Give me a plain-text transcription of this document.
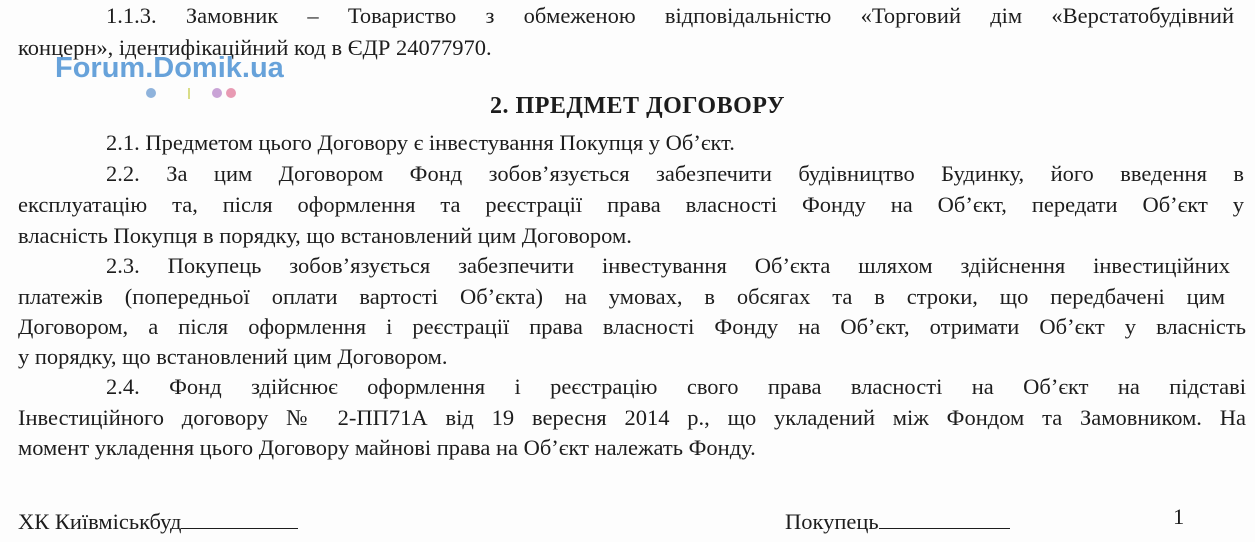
1.1.3. Замовник – Товариство з обмеженою відповідальністю «Торговий дім «Верстатобудівний
концерн», ідентифікаційний код в ЄДР 24077970.
Forum.Domik.ua
2. ПРЕДМЕТ ДОГОВОРУ
2.1. Предметом цього Договору є інвестування Покупця у Об’єкт.
2.2. За цим Договором Фонд зобов’язується забезпечити будівництво Будинку, його введення в
експлуатацію та, після оформлення та реєстрації права власності Фонду на Об’єкт, передати Об’єкт у
власність Покупця в порядку, що встановлений цим Договором.
2.3. Покупець зобов’язується забезпечити інвестування Об’єкта шляхом здійснення інвестиційних
платежів (попередньої оплати вартості Об’єкта) на умовах, в обсягах та в строки, що передбачені цим
Договором, а після оформлення і реєстрації права власності Фонду на Об’єкт, отримати Об’єкт у власність
у порядку, що встановлений цим Договором.
2.4. Фонд здійснює оформлення і реєстрацію свого права власності на Об’єкт на підставі
Інвестиційного договору № 2-ПП71А від 19 вересня 2014 р., що укладений між Фондом та Замовником. На
момент укладення цього Договору майнові права на Об’єкт належать Фонду.
ХК Київміськбуд	Покупець	1
